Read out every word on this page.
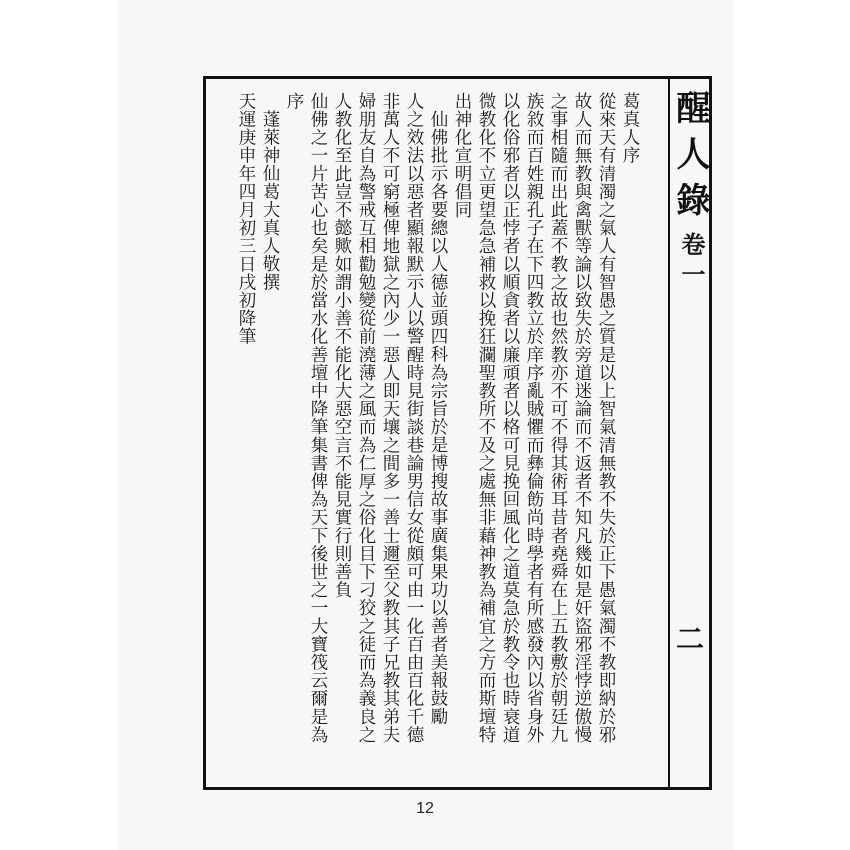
醒人錄
卷一
二
葛真人序
從來天有清濁之氣人有智愚之質是以上智氣清無教不失於正下愚氣濁不教即納於邪
故人而無教與禽獸等論以致失於旁道迷論而不返者不知凡幾如是奸盜邪淫悖逆傲慢
之事相隨而出此蓋不教之故也然教亦不可不得其術耳昔者堯舜在上五教敷於朝廷九
族敘而百姓親孔子在下四教立於庠序亂賊懼而彝倫飭尚時學者有所感發內以省身外
以化俗邪者以正悖者以順貪者以廉頑者以格可見挽回風化之道莫急於教令也時衰道
微教化不立更望急急補救以挽狂瀾聖教所不及之處無非藉神教為補宜之方而斯壇特
出神化宣明倡同
仙佛批示各要總以人德並頭四科為宗旨於是博搜故事廣集果功以善者美報鼓勵
人之效法以惡者顯報默示人以警醒時見街談巷論男信女從頗可由一化百由百化千德
非萬人不可窮極俾地獄之內少一惡人即天壤之間多一善士邇至父教其子兄教其弟夫
婦朋友自為警戒互相勸勉變從前澆薄之風而為仁厚之俗化目下刁狡之徒而為義良之
人教化至此豈不懿歟如謂小善不能化大惡空言不能見實行則善負
仙佛之一片苦心也矣是於當水化善壇中降筆集書俾為天下後世之一大寶筏云爾是為
序
蓬萊神仙葛大真人敬撰
天運庚申年四月初三日戌初降筆
12
